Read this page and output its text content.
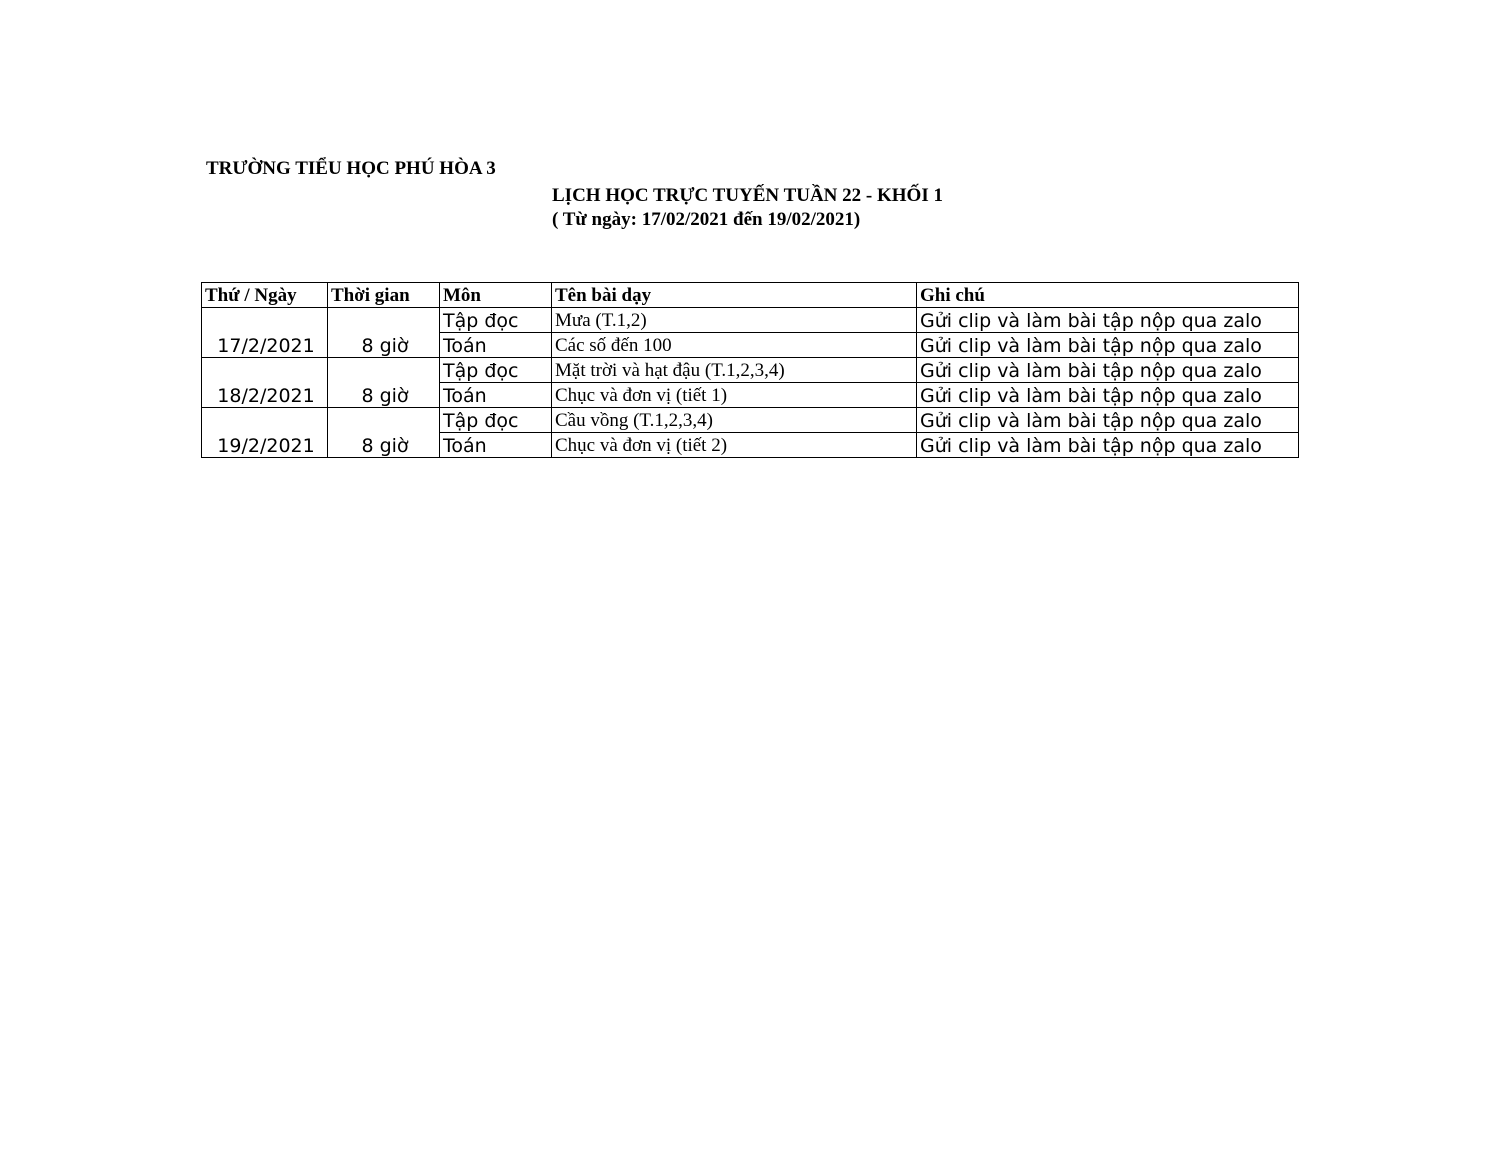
TRƯỜNG TIỂU HỌC PHÚ HÒA 3
LỊCH HỌC TRỰC TUYẾN TUẦN 22 - KHỐI 1
( Từ ngày: 17/02/2021 đến 19/02/2021)
Thứ / Ngày	Thời gian	Môn	Tên bài dạy	Ghi chú
17/2/2021	8 giờ	Tập đọc	Mưa (T.1,2)	Gửi clip và làm bài tập nộp qua zalo
		Toán	Các số đến 100	Gửi clip và làm bài tập nộp qua zalo
18/2/2021	8 giờ	Tập đọc	Mặt trời và hạt đậu (T.1,2,3,4)	Gửi clip và làm bài tập nộp qua zalo
		Toán	Chục và đơn vị (tiết 1)	Gửi clip và làm bài tập nộp qua zalo
19/2/2021	8 giờ	Tập đọc	Cầu vồng (T.1,2,3,4)	Gửi clip và làm bài tập nộp qua zalo
		Toán	Chục và đơn vị (tiết 2)	Gửi clip và làm bài tập nộp qua zalo
